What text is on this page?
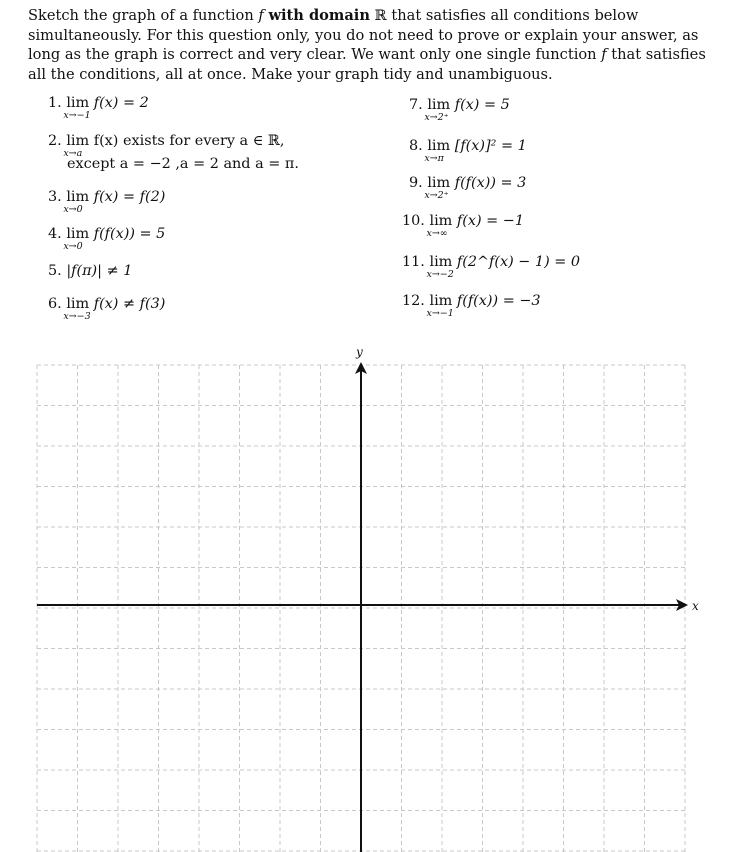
Sketch the graph of a function f with domain ℝ that satisfies all conditions below simultaneously. For this question only, you do not need to prove or explain your answer, as long as the graph is correct and very clear. We want only one single function f that satisfies all the conditions, all at once. Make your graph tidy and unambiguous.
1. lim
x→−1
f(x) = 2
2. lim
x→a
f(x) exists for every a ∈ ℝ,
except a = −2 ,a = 2 and a = π.
3. lim
x→0
f(x) = f(2)
4. lim
x→0
f(f(x)) = 5
5. |f(π)| ≠ 1
6. lim
x→−3
f(x) ≠ f(3)
7. lim
x→2⁺
f(x) = 5
8. lim
x→π
[f(x)]² = 1
9. lim
x→2⁺
f(f(x)) = 3
10. lim
x→∞
f(x) = −1
11. lim
x→−2
f(2^f(x) − 1) = 0
12. lim
x→−1
f(f(x)) = −3
x
y
